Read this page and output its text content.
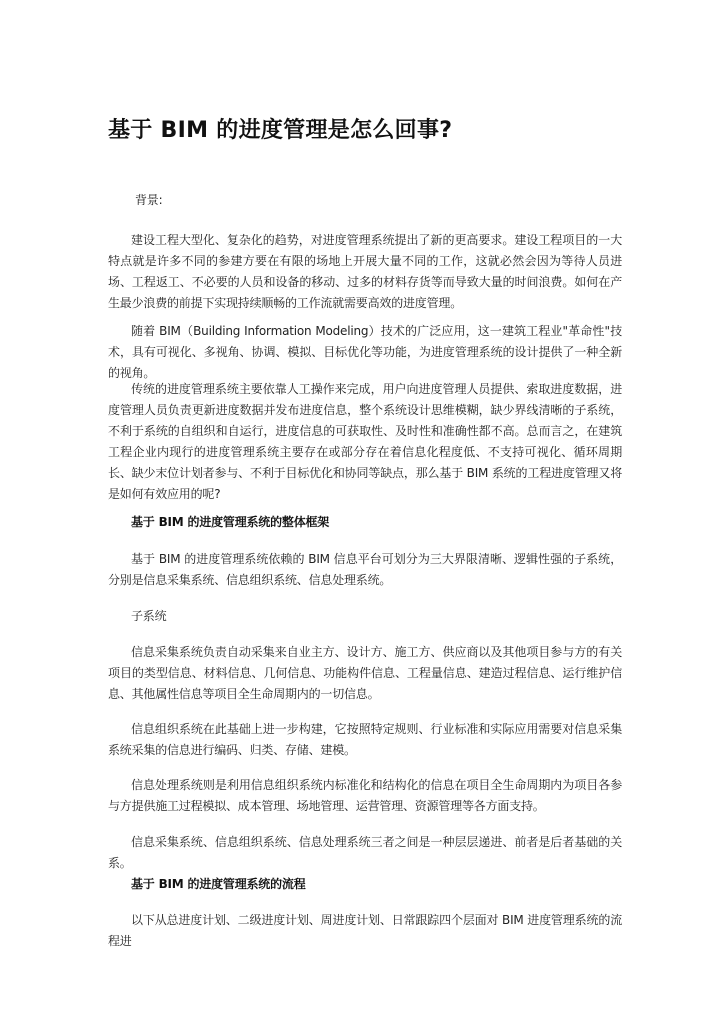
基于 BIM 的进度管理是怎么回事?

背景:

建设工程大型化、复杂化的趋势，对进度管理系统提出了新的更高要求。建设工程项目的一大特点就是许多不同的参建方要在有限的场地上开展大量不同的工作，这就必然会因为等待人员进场、工程返工、不必要的人员和设备的移动、过多的材料存货等而导致大量的时间浪费。如何在产生最少浪费的前提下实现持续顺畅的工作流就需要高效的进度管理。

随着 BIM（Building Information Modeling）技术的广泛应用，这一建筑工程业"革命性"技术，具有可视化、多视角、协调、模拟、目标优化等功能，为进度管理系统的设计提供了一种全新的视角。

传统的进度管理系统主要依靠人工操作来完成，用户向进度管理人员提供、索取进度数据，进度管理人员负责更新进度数据并发布进度信息，整个系统设计思维模糊，缺少界线清晰的子系统，不利于系统的自组织和自运行，进度信息的可获取性、及时性和准确性都不高。总而言之，在建筑工程企业内现行的进度管理系统主要存在或部分存在着信息化程度低、不支持可视化、循环周期长、缺少末位计划者参与、不利于目标优化和协同等缺点，那么基于 BIM 系统的工程进度管理又将是如何有效应用的呢?

基于 BIM 的进度管理系统的整体框架

基于 BIM 的进度管理系统依赖的 BIM 信息平台可划分为三大界限清晰、逻辑性强的子系统，分别是信息采集系统、信息组织系统、信息处理系统。

子系统

信息采集系统负责自动采集来自业主方、设计方、施工方、供应商以及其他项目参与方的有关项目的类型信息、材料信息、几何信息、功能构件信息、工程量信息、建造过程信息、运行维护信息、其他属性信息等项目全生命周期内的一切信息。

信息组织系统在此基础上进一步构建，它按照特定规则、行业标准和实际应用需要对信息采集系统采集的信息进行编码、归类、存储、建模。

信息处理系统则是利用信息组织系统内标准化和结构化的信息在项目全生命周期内为项目各参与方提供施工过程模拟、成本管理、场地管理、运营管理、资源管理等各方面支持。

信息采集系统、信息组织系统、信息处理系统三者之间是一种层层递进、前者是后者基础的关系。

基于 BIM 的进度管理系统的流程

以下从总进度计划、二级进度计划、周进度计划、日常跟踪四个层面对 BIM 进度管理系统的流程进
